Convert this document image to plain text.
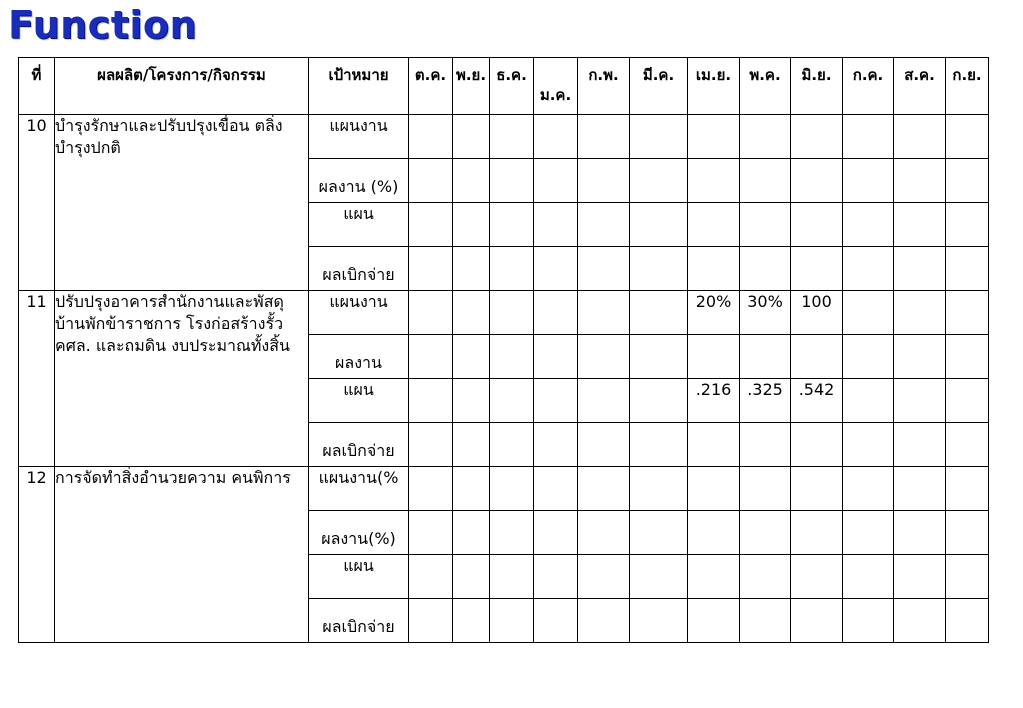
Function
ที่	ผลผลิต/โครงการ/กิจกรรม	เป้าหมาย	ต.ค.	พ.ย.	ธ.ค.	ม.ค.	ก.พ.	มี.ค.	เม.ย.	พ.ค.	มิ.ย.	ก.ค.	ส.ค.	ก.ย.
10	บำรุงรักษาและปรับปรุงเขื่อน ตลิ่ง บำรุงปกติ	แผนงาน												
		ผลงาน (%)												
		แผน												
		ผลเบิกจ่าย												
11	ปรับปรุงอาคารสำนักงานและพัสดุ บ้านพักข้าราชการ โรงก่อสร้างรั้ว คศล. และถมดิน งบประมาณทั้งสิ้น	แผนงาน							20%	30%	100			
		ผลงาน												
		แผน							.216	.325	.542			
		ผลเบิกจ่าย												
12	การจัดทำสิ่งอำนวยความ คนพิการ	แผนงาน(%												
		ผลงาน(%)												
		แผน												
		ผลเบิกจ่าย												
